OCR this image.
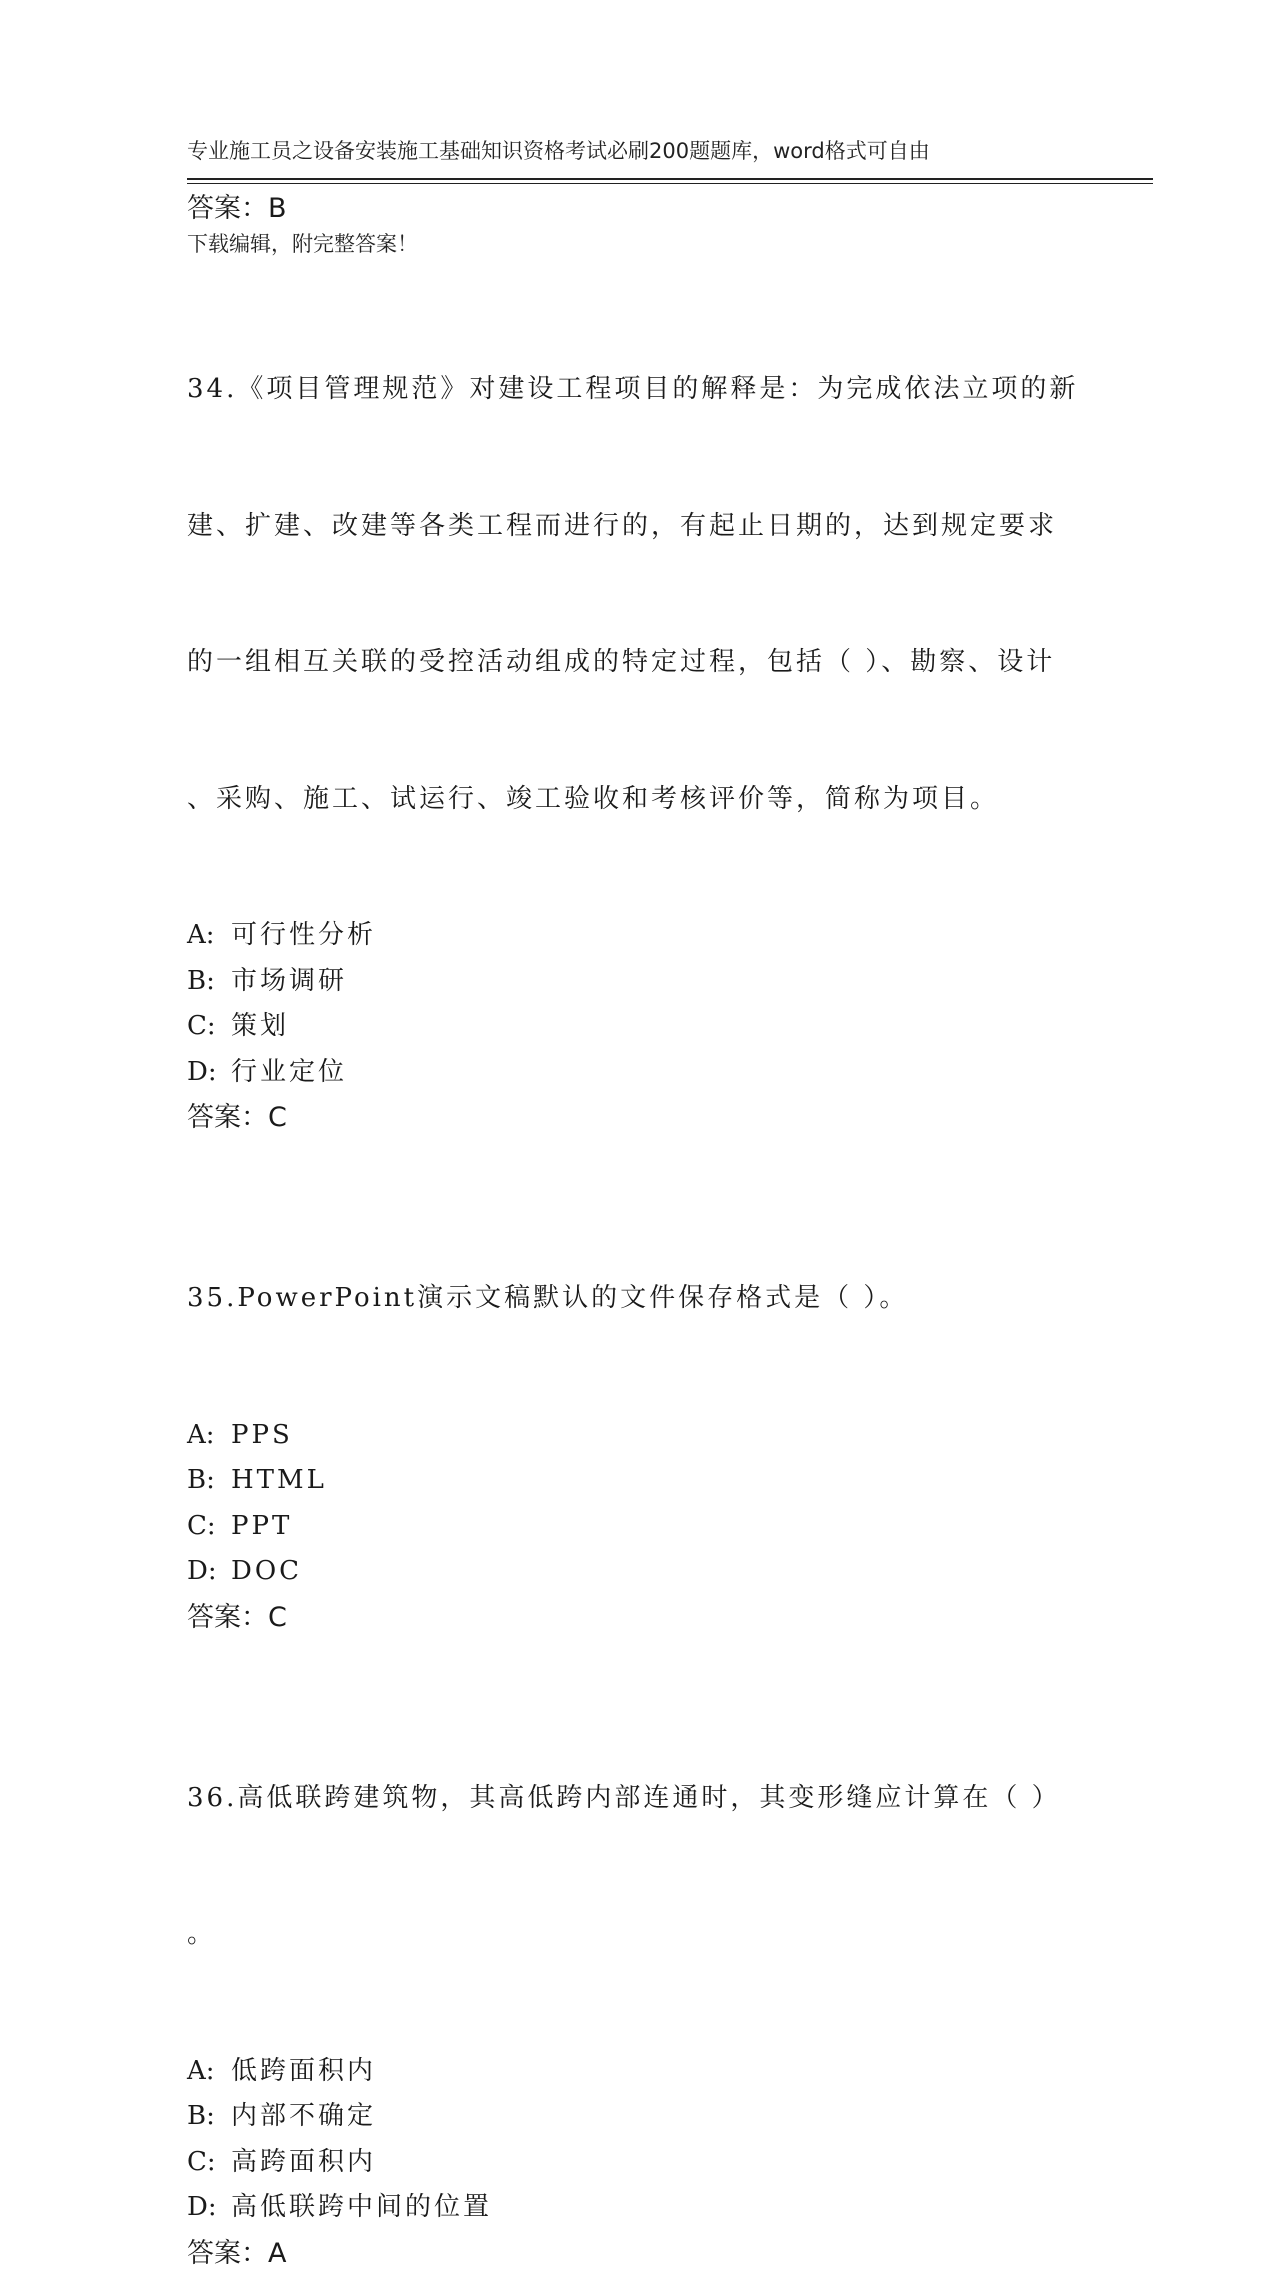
专业施工员之设备安装施工基础知识资格考试必刷200题题库，word格式可自由

下载编辑，附完整答案！

答案：B

34.《项目管理规范》对建设工程项目的解释是：为完成依法立项的新

建、扩建、改建等各类工程而进行的，有起止日期的，达到规定要求

的一组相互关联的受控活动组成的特定过程，包括（ ）、勘察、设计

、采购、施工、试运行、竣工验收和考核评价等，简称为项目。

A: 可行性分析
B: 市场调研
C: 策划
D: 行业定位
答案：C

35.PowerPoint演示文稿默认的文件保存格式是（ ）。

A: PPS
B: HTML
C: PPT
D: DOC
答案：C

36.高低联跨建筑物，其高低跨内部连通时，其变形缝应计算在（ ）

。

A: 低跨面积内
B: 内部不确定
C: 高跨面积内
D: 高低联跨中间的位置
答案：A
